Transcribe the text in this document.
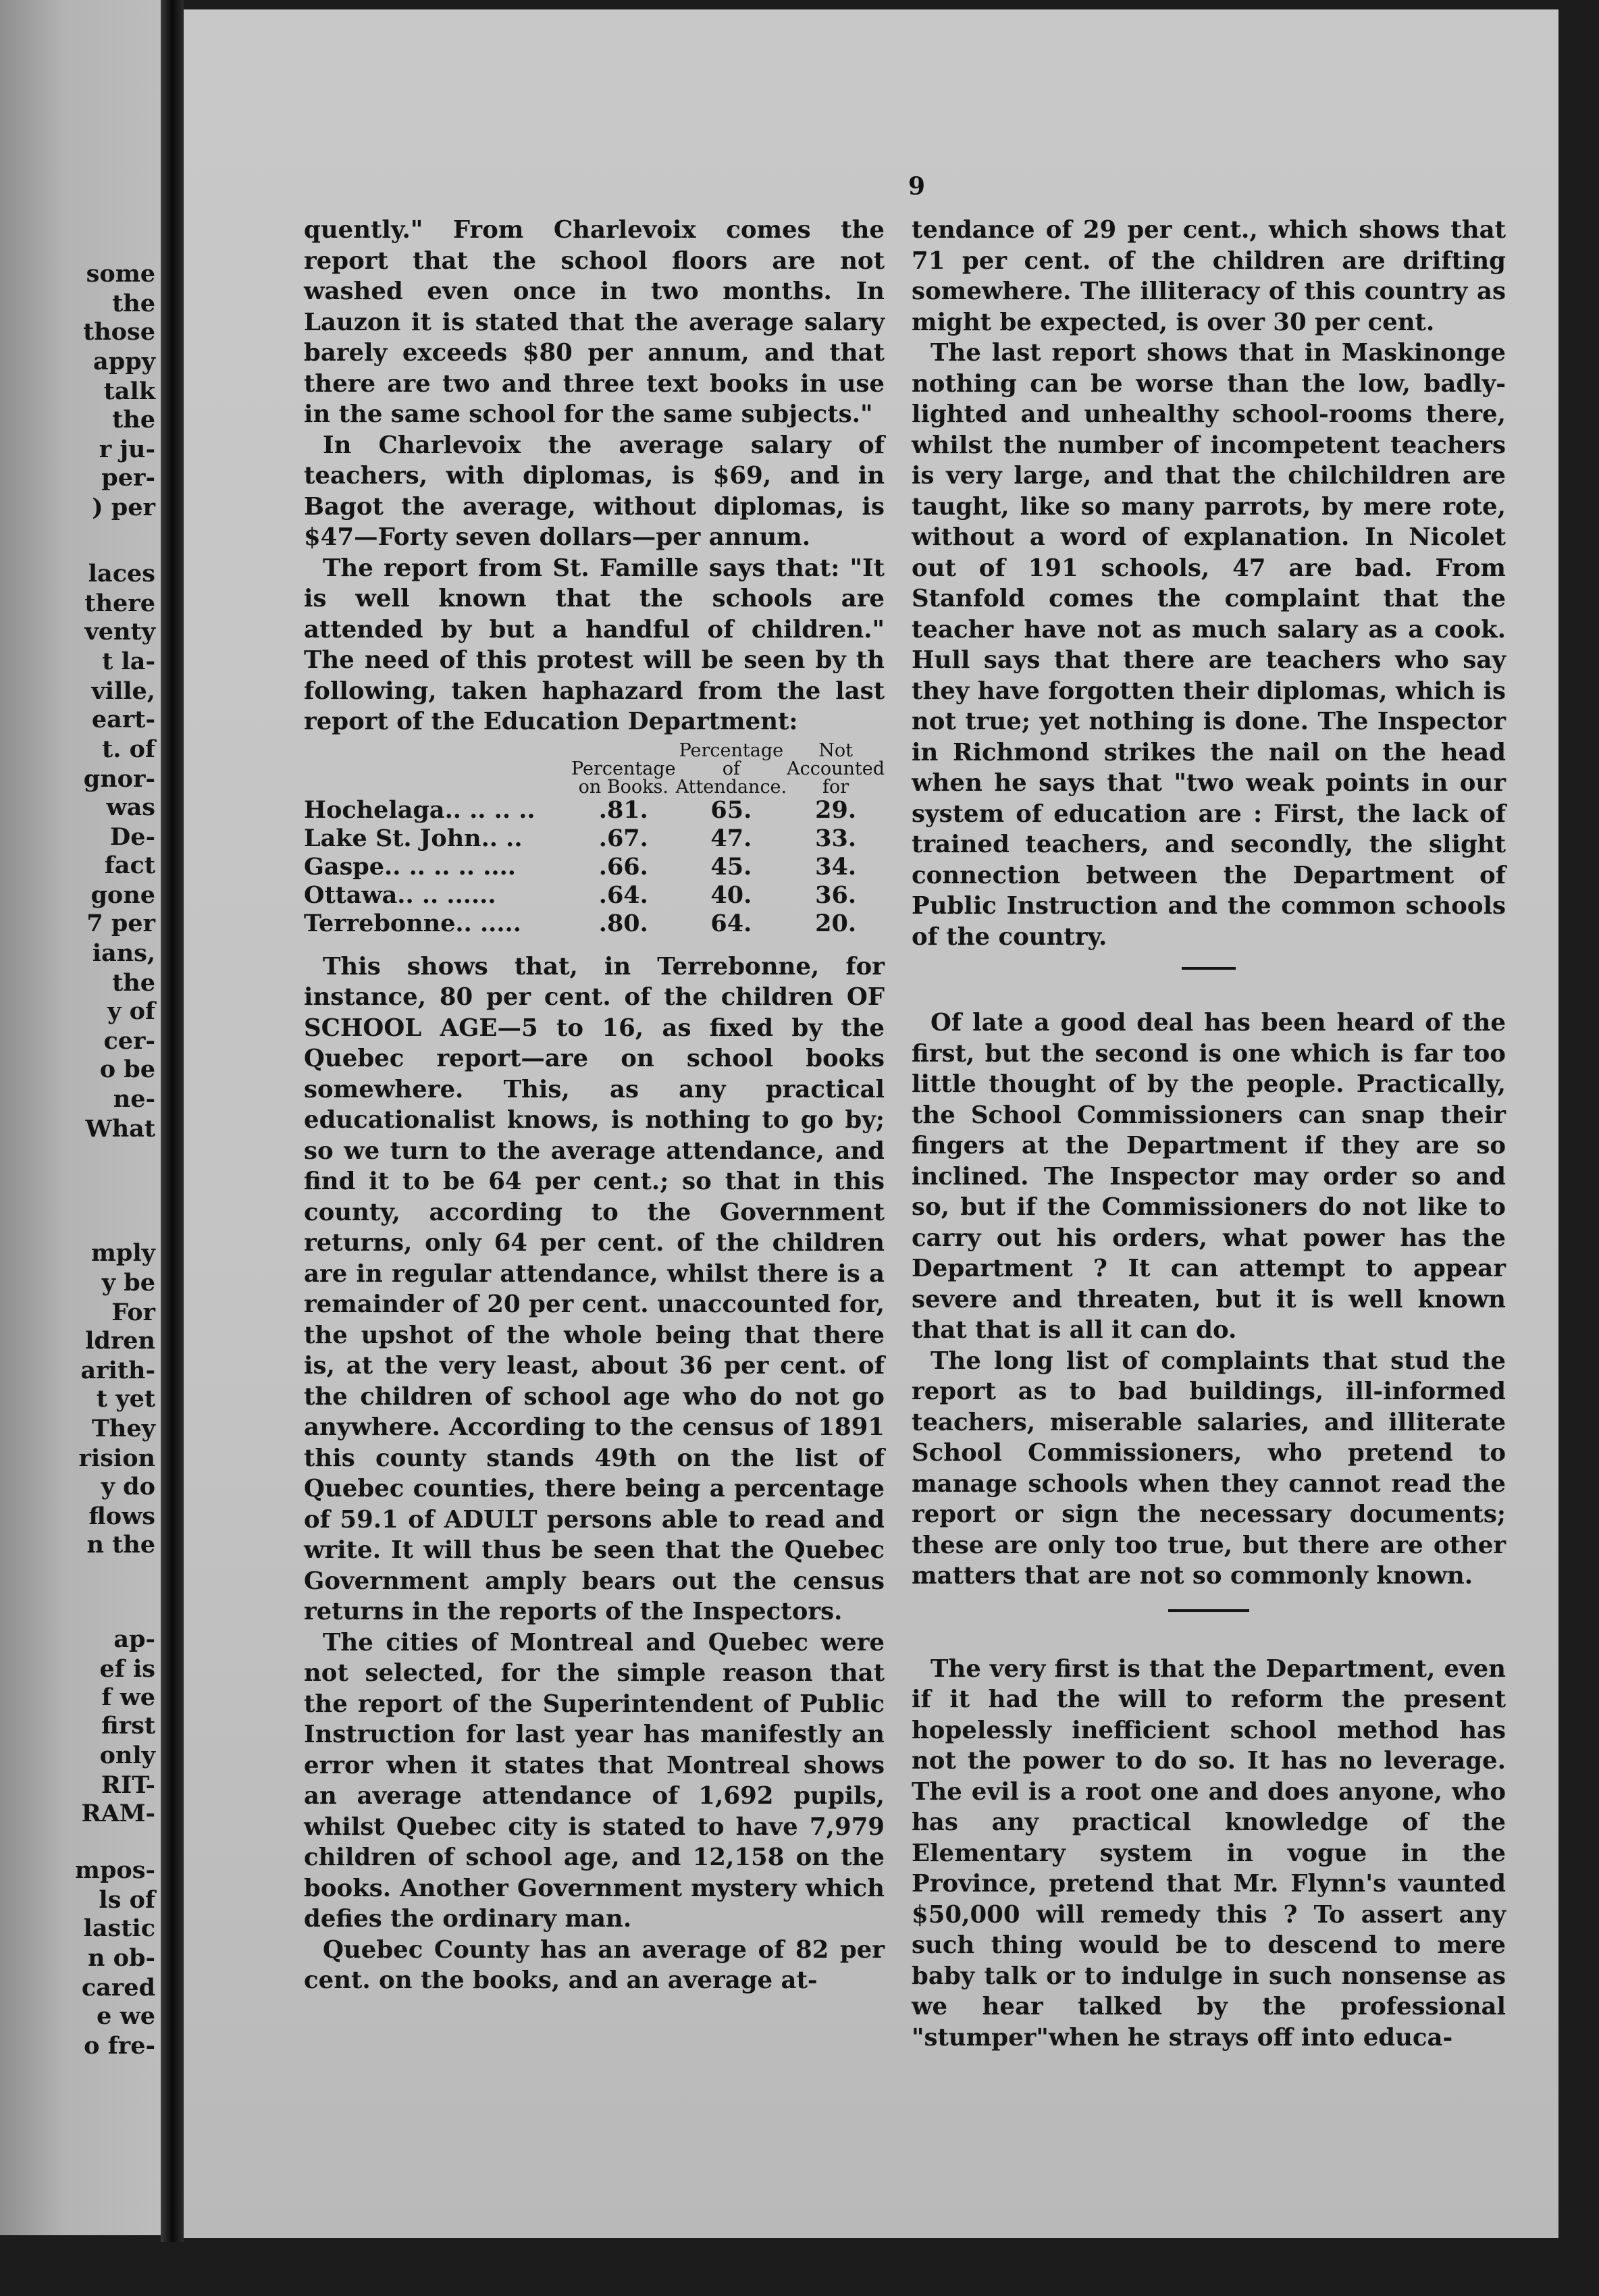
some
the
those
appy
talk
the
r ju-
per-
) per
laces
there
venty
t la-
ville,
eart-
t. of
gnor-
was
De-
fact
gone
7 per
ians,
the
y of
cer-
o be
ne-
What
mply
y be
For
ldren
arith-
t yet
They
rision
y do
flows
n the
ap-
ef is
f we
first
only
RIT-
RAM-
mpos-
ls of
lastic
n ob-
cared
e we
o fre-
9

quently." From Charlevoix comes the report that the school floors are not washed even once in two months. In Lauzon it is stated that the average salary barely exceeds $80 per annum, and that there are two and three text books in use in the same school for the same subjects."

In Charlevoix the average salary of teachers, with diplomas, is $69, and in Bagot the average, without diplomas, is $47—Forty seven dollars—per annum.

The report from St. Famille says that: "It is well known that the schools are attended by but a handful of children." The need of this protest will be seen by th following, taken haphazard from the last report of the Education Department:

	Percentage on Books.	Percentage of Attendance.	Not Accounted for
Hochelaga.. .. .. ..	.81.	65.	29.
Lake St. John.. ..	.67.	47.	33.
Gaspe.. .. .. .. ....	.66.	45.	34.
Ottawa.. .. ......	.64.	40.	36.
Terrebonne.. .....	.80.	64.	20.

This shows that, in Terrebonne, for instance, 80 per cent. of the children OF SCHOOL AGE—5 to 16, as fixed by the Quebec report—are on school books somewhere. This, as any practical educationalist knows, is nothing to go by; so we turn to the average attendance, and find it to be 64 per cent.; so that in this county, according to the Government returns, only 64 per cent. of the children are in regular attendance, whilst there is a remainder of 20 per cent. unaccounted for, the upshot of the whole being that there is, at the very least, about 36 per cent. of the children of school age who do not go anywhere. According to the census of 1891 this county stands 49th on the list of Quebec counties, there being a percentage of 59.1 of ADULT persons able to read and write. It will thus be seen that the Quebec Government amply bears out the census returns in the reports of the Inspectors.

The cities of Montreal and Quebec were not selected, for the simple reason that the report of the Superintendent of Public Instruction for last year has manifestly an error when it states that Montreal shows an average attendance of 1,692 pupils, whilst Quebec city is stated to have 7,979 children of school age, and 12,158 on the books. Another Government mystery which defies the ordinary man.

Quebec County has an average of 82 per cent. on the books, and an average at-

tendance of 29 per cent., which shows that 71 per cent. of the children are drifting somewhere. The illiteracy of this country as might be expected, is over 30 per cent.

The last report shows that in Maskinonge nothing can be worse than the low, badly-lighted and unhealthy school-rooms there, whilst the number of incompetent teachers is very large, and that the chilchildren are taught, like so many parrots, by mere rote, without a word of explanation. In Nicolet out of 191 schools, 47 are bad. From Stanfold comes the complaint that the teacher have not as much salary as a cook. Hull says that there are teachers who say they have forgotten their diplomas, which is not true; yet nothing is done. The Inspector in Richmond strikes the nail on the head when he says that "two weak points in our system of education are : First, the lack of trained teachers, and secondly, the slight connection between the Department of Public Instruction and the common schools of the country.

Of late a good deal has been heard of the first, but the second is one which is far too little thought of by the people. Practically, the School Commissioners can snap their fingers at the Department if they are so inclined. The Inspector may order so and so, but if the Commissioners do not like to carry out his orders, what power has the Department ? It can attempt to appear severe and threaten, but it is well known that that is all it can do.

The long list of complaints that stud the report as to bad buildings, ill-informed teachers, miserable salaries, and illiterate School Commissioners, who pretend to manage schools when they cannot read the report or sign the necessary documents; these are only too true, but there are other matters that are not so commonly known.

The very first is that the Department, even if it had the will to reform the present hopelessly inefficient school method has not the power to do so. It has no leverage. The evil is a root one and does anyone, who has any practical knowledge of the Elementary system in vogue in the Province, pretend that Mr. Flynn's vaunted $50,000 will remedy this ? To assert any such thing would be to descend to mere baby talk or to indulge in such nonsense as we hear talked by the professional "stumper"when he strays off into educa-
